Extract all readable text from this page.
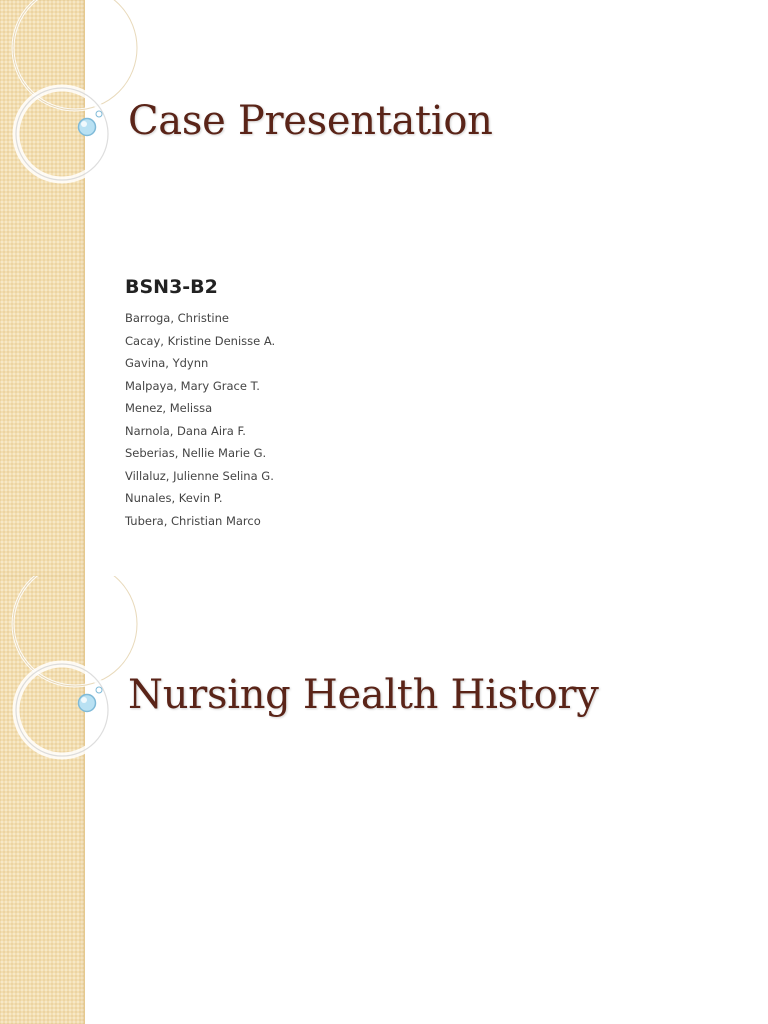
Case Presentation
BSN3-B2
Barroga, Christine
Cacay, Kristine Denisse A.
Gavina, Ydynn
Malpaya, Mary Grace T.
Menez, Melissa
Narnola, Dana Aira F.
Seberias, Nellie Marie G.
Villaluz, Julienne Selina G.
Nunales, Kevin P.
Tubera, Christian Marco
Nursing Health History
